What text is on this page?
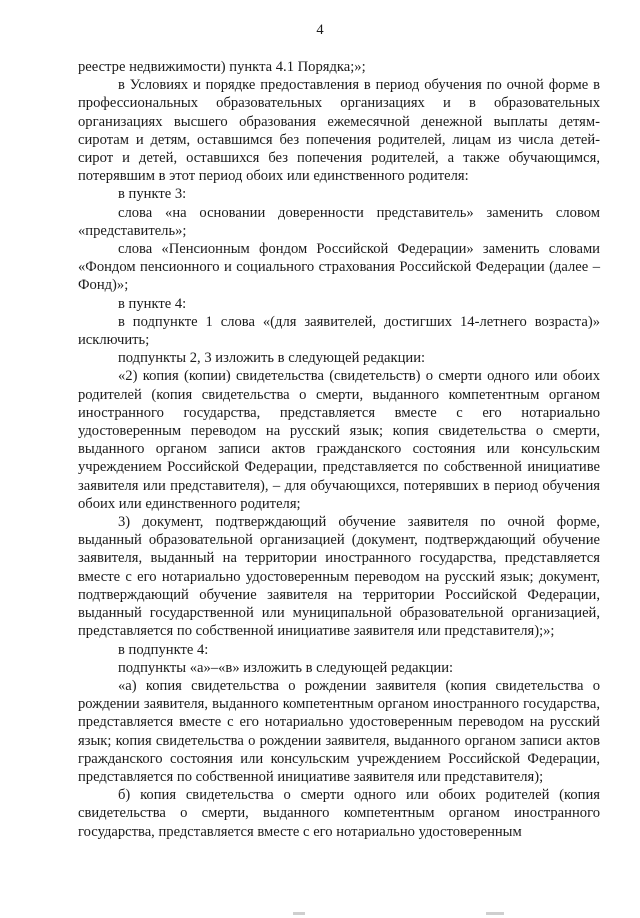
4

реестре недвижимости) пункта 4.1 Порядка;»;

в Условиях и порядке предоставления в период обучения по очной форме в профессиональных образовательных организациях и в образовательных организациях высшего образования ежемесячной денежной выплаты детям-сиротам и детям, оставшимся без попечения родителей, лицам из числа детей-сирот и детей, оставшихся без попечения родителей, а также обучающимся, потерявшим в этот период обоих или единственного родителя:

в пункте 3:

слова «на основании доверенности представитель» заменить словом «представитель»;

слова «Пенсионным фондом Российской Федерации» заменить словами «Фондом пенсионного и социального страхования Российской Федерации (далее – Фонд)»;

в пункте 4:

в подпункте 1 слова «(для заявителей, достигших 14-летнего возраста)» исключить;

подпункты 2, 3 изложить в следующей редакции:

«2) копия (копии) свидетельства (свидетельств) о смерти одного или обоих родителей (копия свидетельства о смерти, выданного компетентным органом иностранного государства, представляется вместе с его нотариально удостоверенным переводом на русский язык; копия свидетельства о смерти, выданного органом записи актов гражданского состояния или консульским учреждением Российской Федерации, представляется по собственной инициативе заявителя или представителя), – для обучающихся, потерявших в период обучения обоих или единственного родителя;

3) документ, подтверждающий обучение заявителя по очной форме, выданный образовательной организацией (документ, подтверждающий обучение заявителя, выданный на территории иностранного государства, представляется вместе с его нотариально удостоверенным переводом на русский язык; документ, подтверждающий обучение заявителя на территории Российской Федерации, выданный государственной или муниципальной образовательной организацией, представляется по собственной инициативе заявителя или представителя);»;

в подпункте 4:

подпункты «а»–«в» изложить в следующей редакции:

«а) копия свидетельства о рождении заявителя (копия свидетельства о рождении заявителя, выданного компетентным органом иностранного государства, представляется вместе с его нотариально удостоверенным переводом на русский язык; копия свидетельства о рождении заявителя, выданного органом записи актов гражданского состояния или консульским учреждением Российской Федерации, представляется по собственной инициативе заявителя или представителя);

б) копия свидетельства о смерти одного или обоих родителей (копия свидетельства о смерти, выданного компетентным органом иностранного государства, представляется вместе с его нотариально удостоверенным
